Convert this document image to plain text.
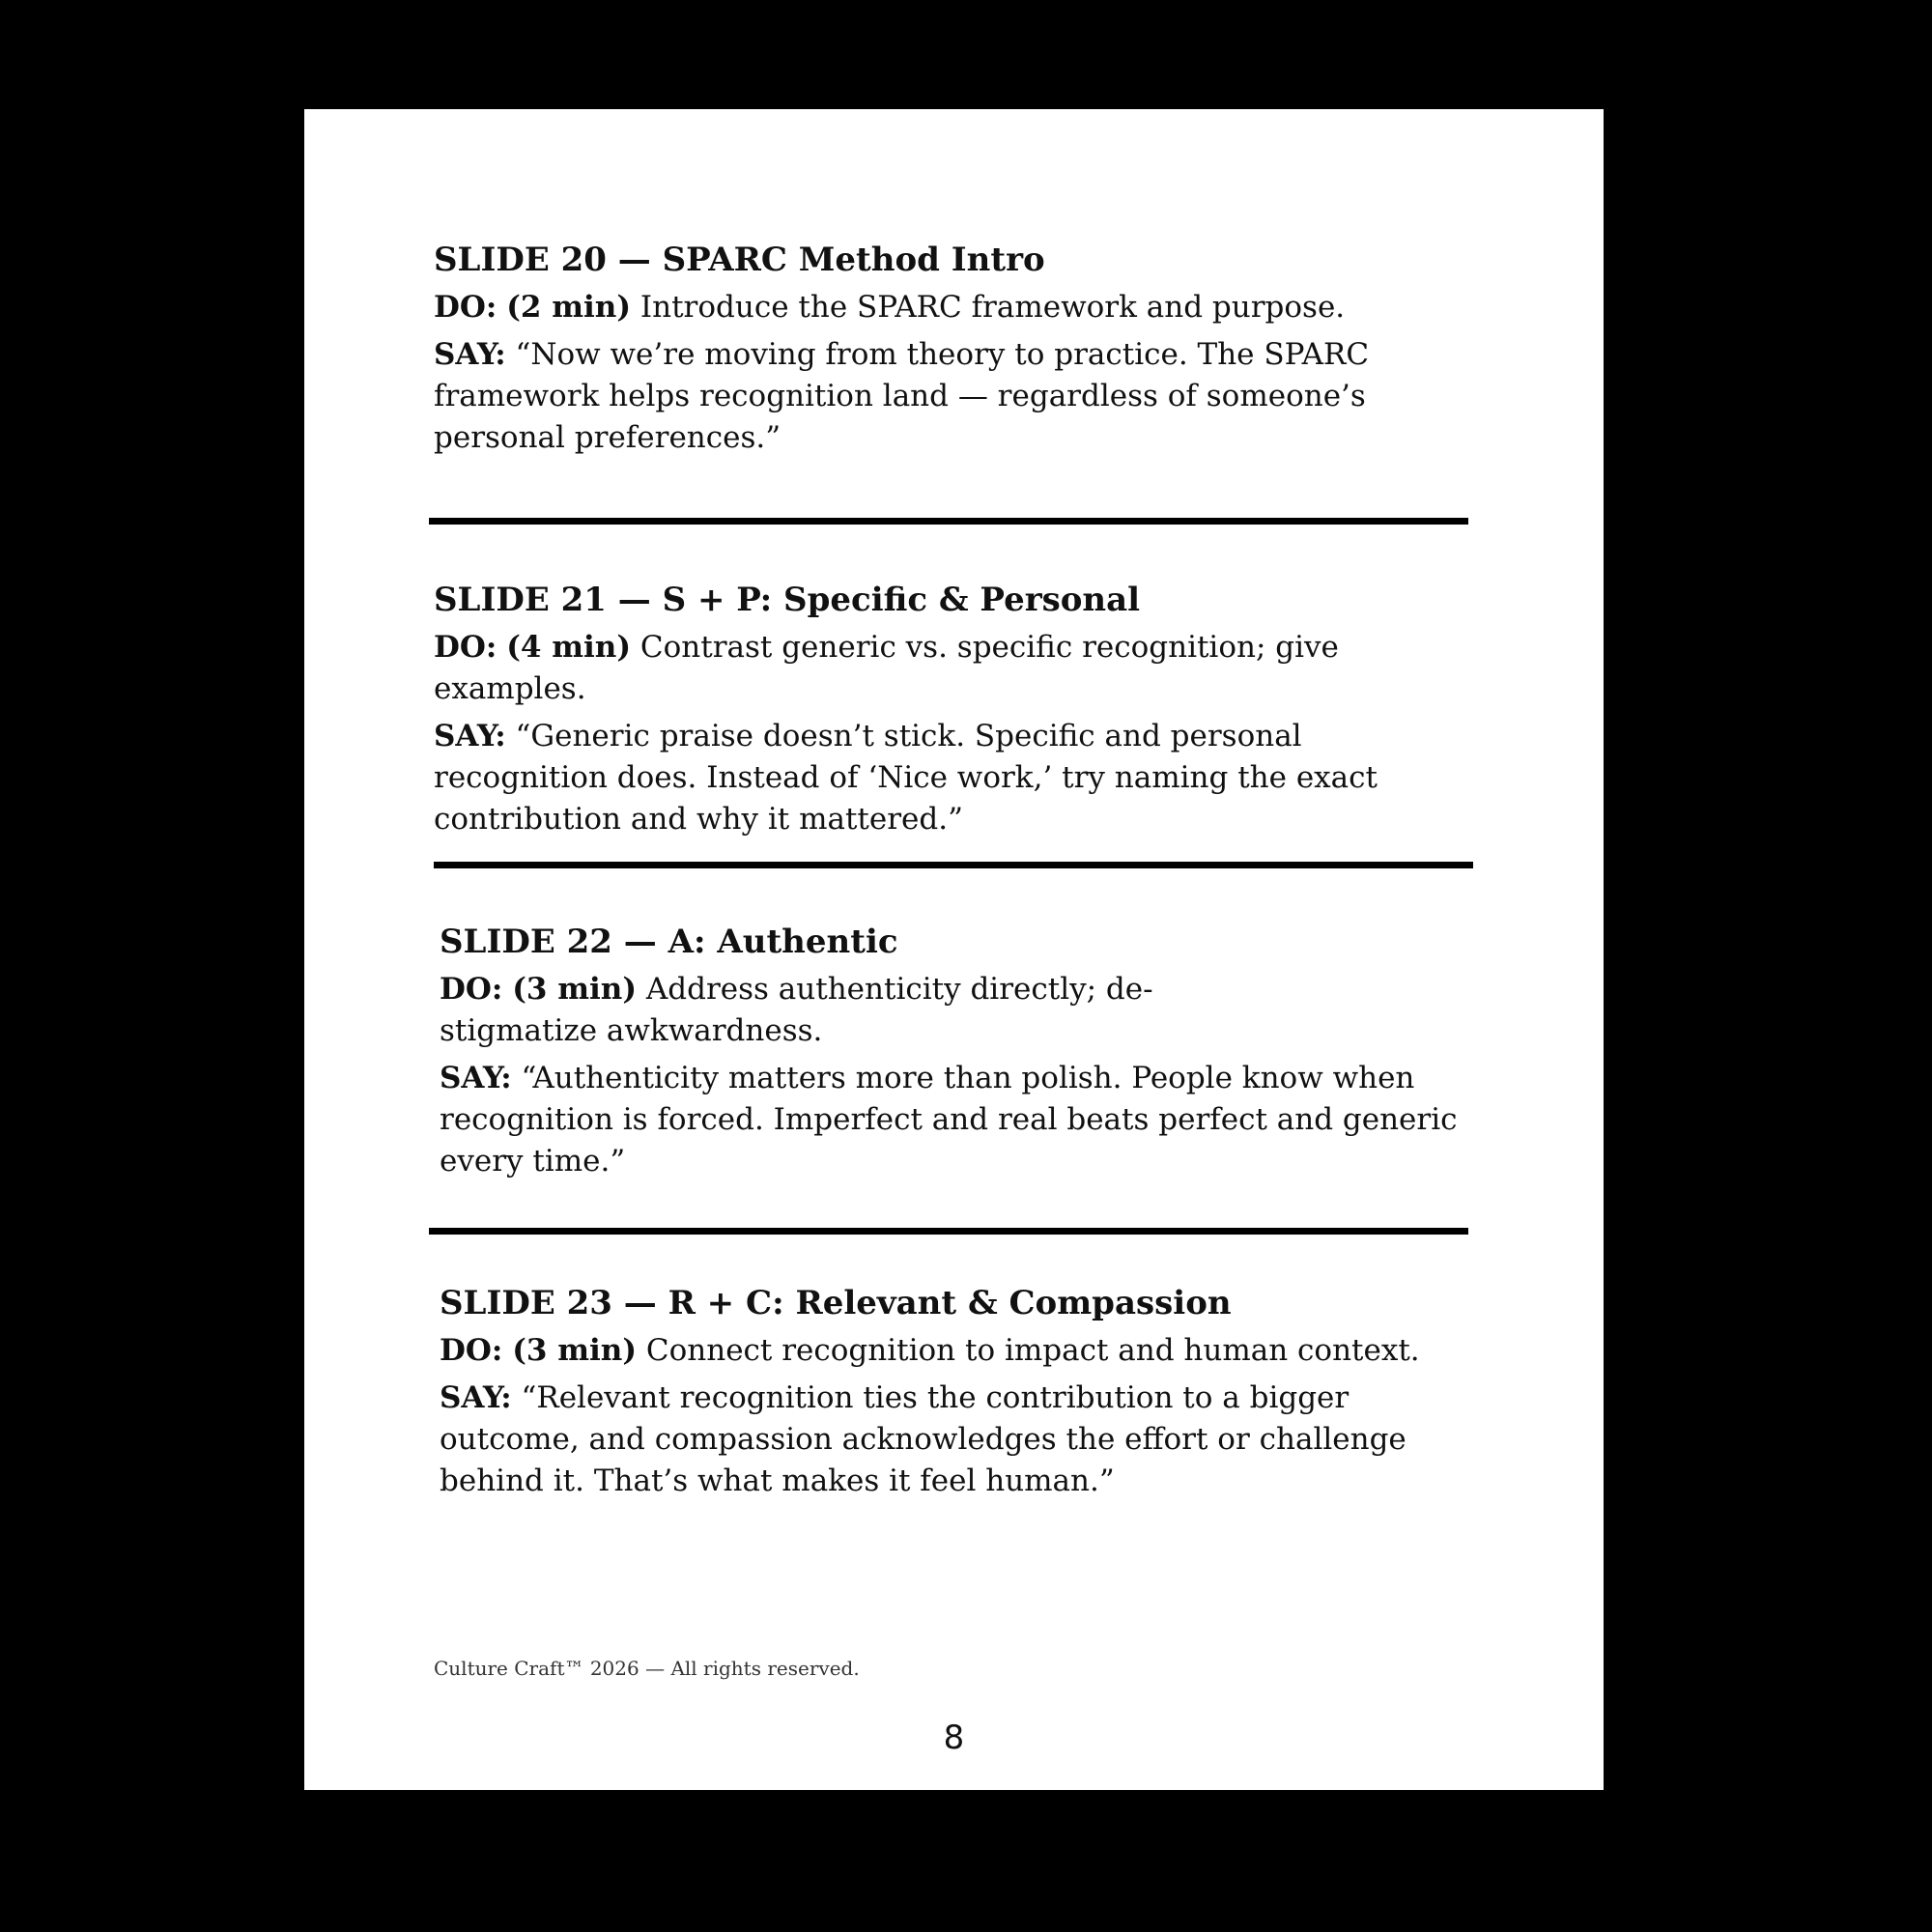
SLIDE 20 — SPARC Method Intro
DO: (2 min) Introduce the SPARC framework and purpose.
SAY: “Now we’re moving from theory to practice. The SPARC framework helps recognition land — regardless of someone’s personal preferences.”
SLIDE 21 — S + P: Specific & Personal
DO: (4 min) Contrast generic vs. specific recognition; give examples.
SAY: “Generic praise doesn’t stick. Specific and personal recognition does. Instead of ‘Nice work,’ try naming the exact contribution and why it mattered.”
SLIDE 22 — A: Authentic
DO: (3 min) Address authenticity directly; de-stigmatize awkwardness.
SAY: “Authenticity matters more than polish. People know when recognition is forced. Imperfect and real beats perfect and generic every time.”
SLIDE 23 — R + C: Relevant & Compassion
DO: (3 min) Connect recognition to impact and human context.
SAY: “Relevant recognition ties the contribution to a bigger outcome, and compassion acknowledges the effort or challenge behind it. That’s what makes it feel human.”
Culture Craft™ 2026 — All rights reserved.
8
